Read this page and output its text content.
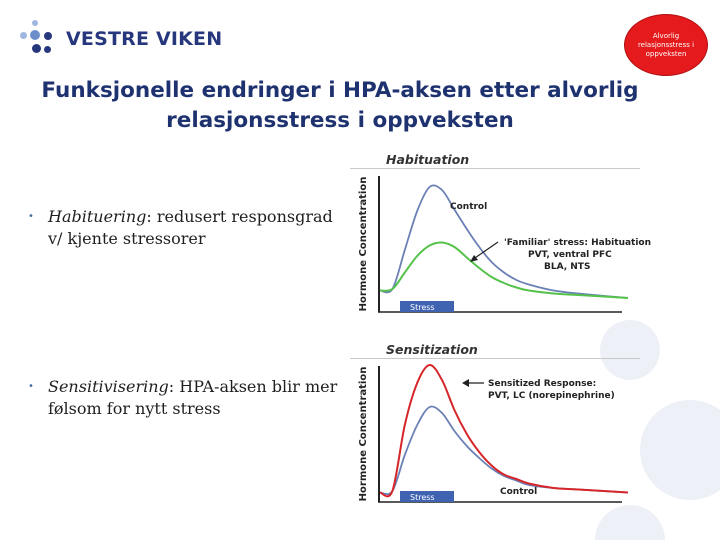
VESTRE VIKEN	Alvorlig relasjonsstress i oppveksten
Funksjonelle endringer i HPA-aksen etter alvorlig relasjonsstress i oppveksten
• Habituering: redusert responsgrad v/ kjente stressorer
• Sensitivisering: HPA-aksen blir mer følsom for nytt stress
Habituation
Hormone Concentration	Stress
Control
'Familiar' stress: Habituation
PVT, ventral PFC
BLA, NTS
Sensitization
Hormone Concentration	Stress
Sensitized Response:
PVT, LC (norepinephrine)
Control
